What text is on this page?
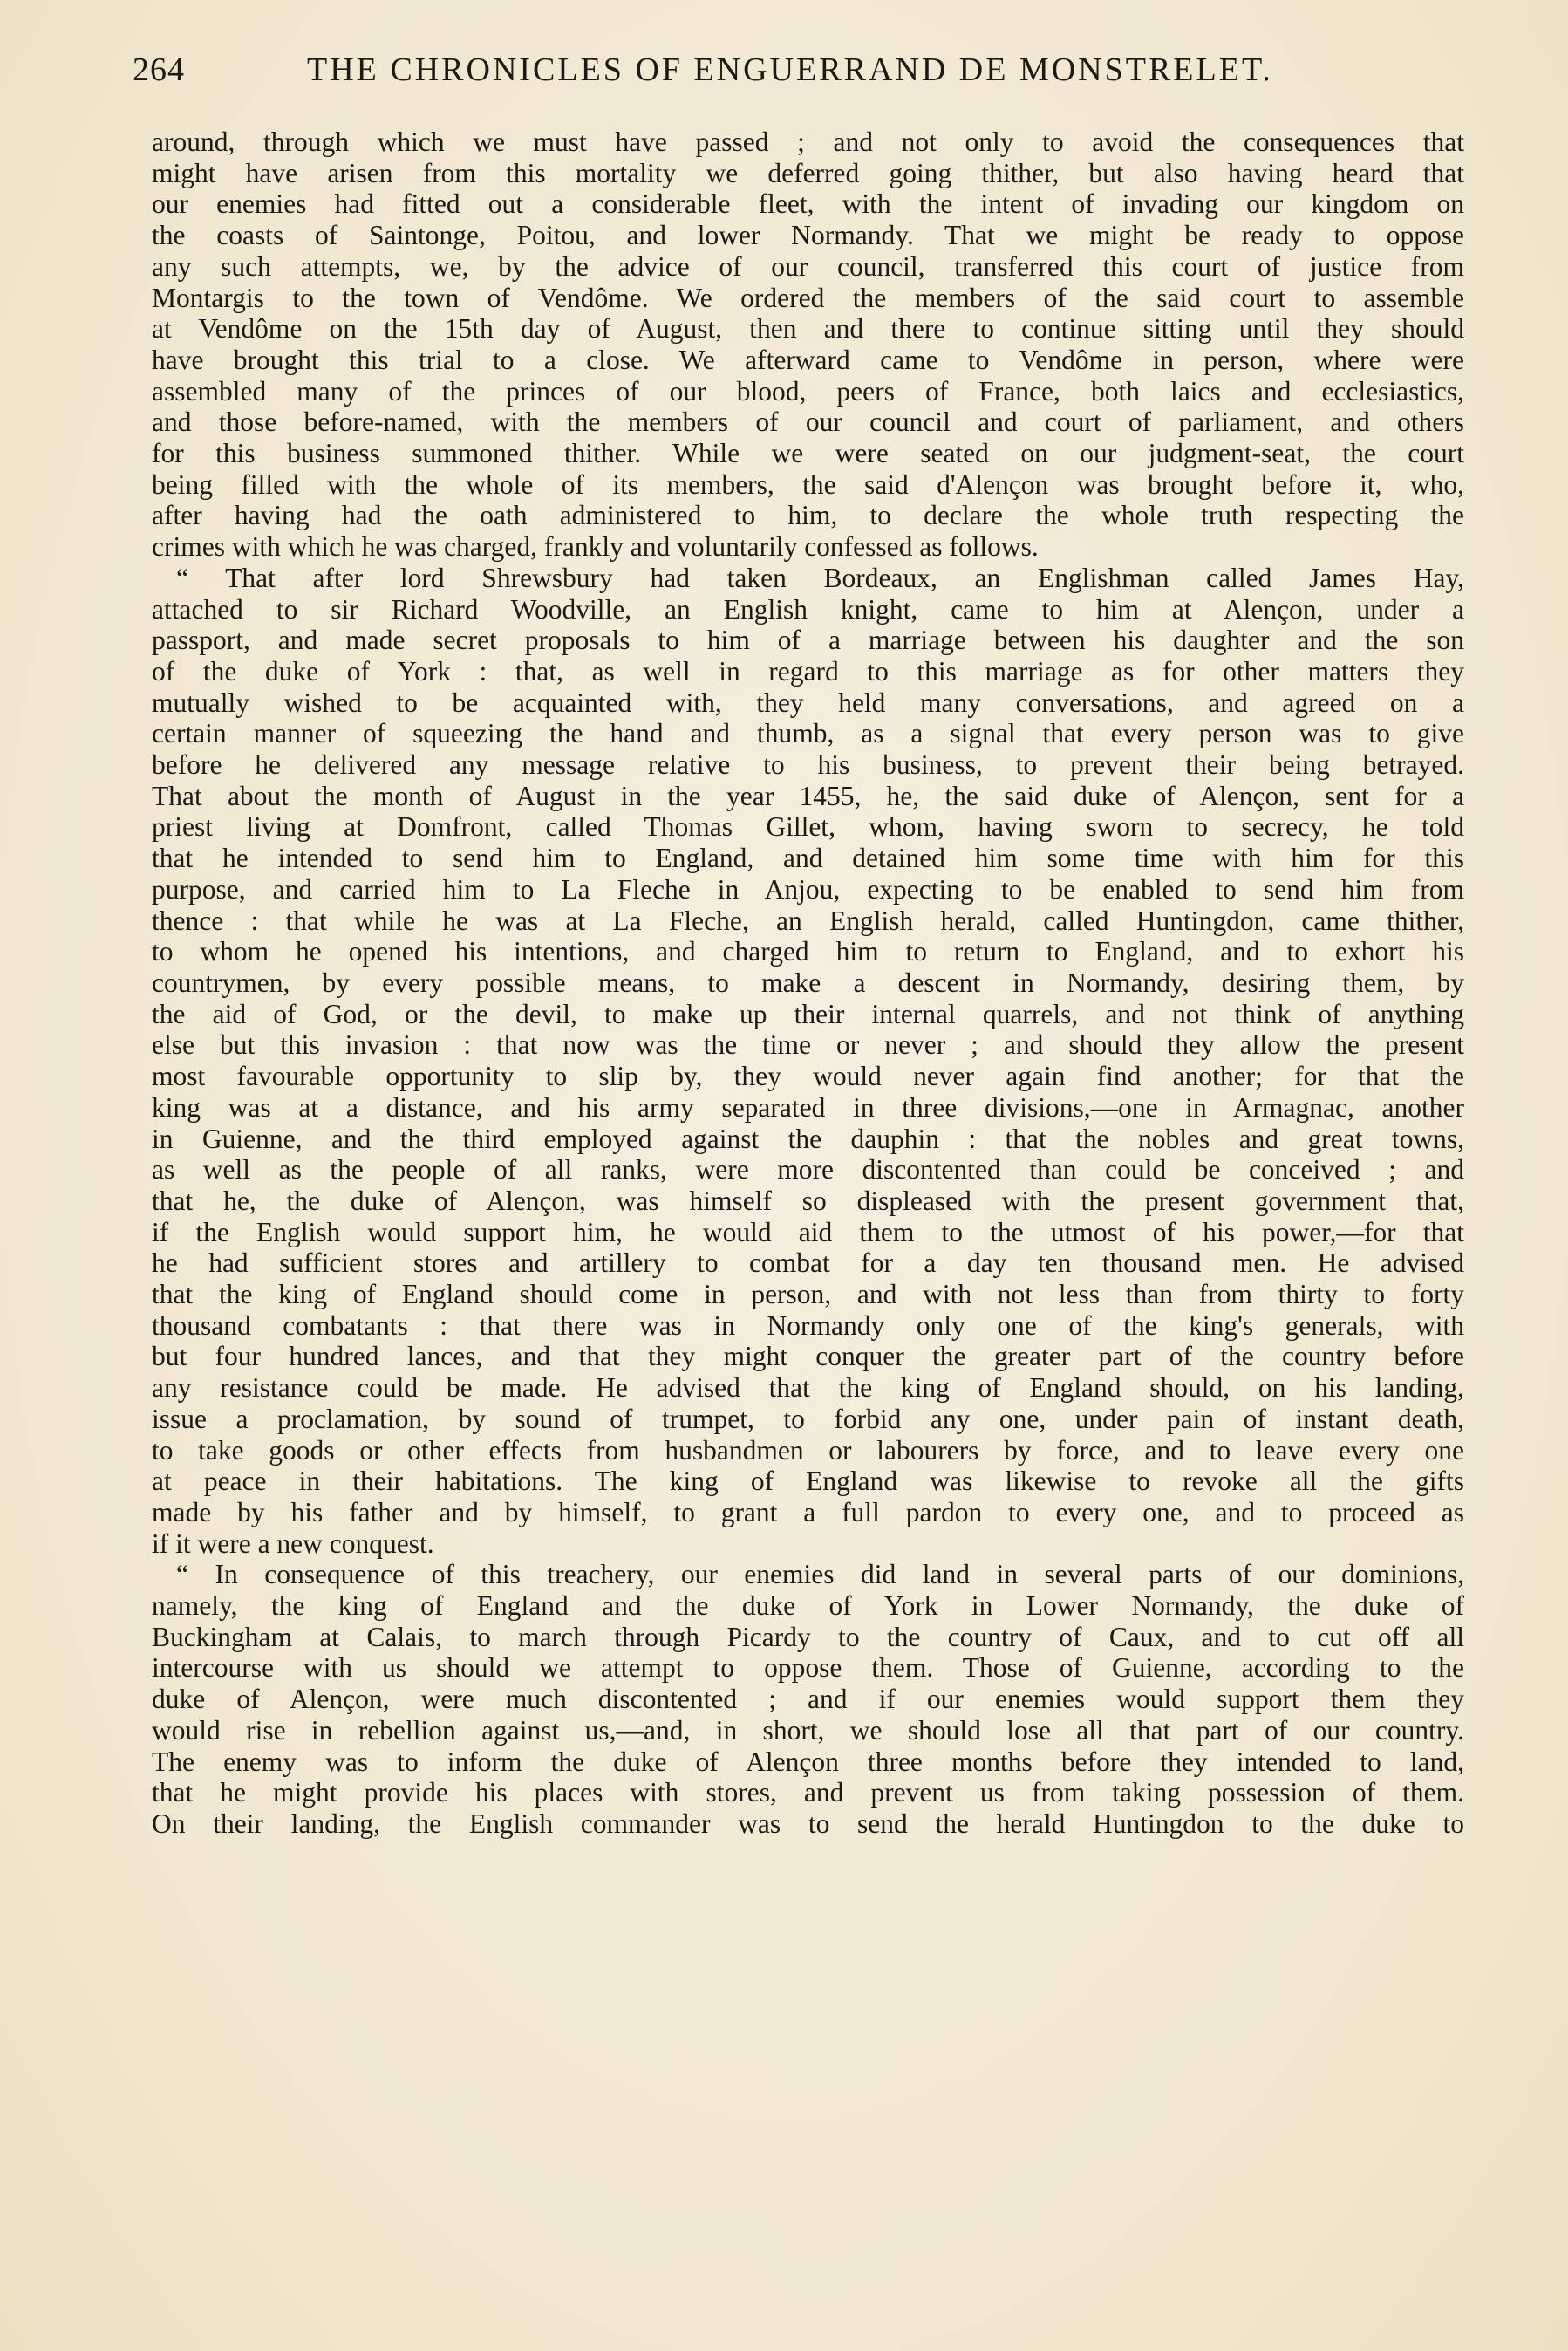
264	THE CHRONICLES OF ENGUERRAND DE MONSTRELET.
around, through which we must have passed ; and not only to avoid the consequences that
might have arisen from this mortality we deferred going thither, but also having heard that
our enemies had fitted out a considerable fleet, with the intent of invading our kingdom on
the coasts of Saintonge, Poitou, and lower Normandy. That we might be ready to oppose
any such attempts, we, by the advice of our council, transferred this court of justice from
Montargis to the town of Vendôme. We ordered the members of the said court to assemble
at Vendôme on the 15th day of August, then and there to continue sitting until they should
have brought this trial to a close. We afterward came to Vendôme in person, where were
assembled many of the princes of our blood, peers of France, both laics and ecclesiastics,
and those before-named, with the members of our council and court of parliament, and others
for this business summoned thither. While we were seated on our judgment-seat, the court
being filled with the whole of its members, the said d'Alençon was brought before it, who,
after having had the oath administered to him, to declare the whole truth respecting the
crimes with which he was charged, frankly and voluntarily confessed as follows.
“ That after lord Shrewsbury had taken Bordeaux, an Englishman called James Hay,
attached to sir Richard Woodville, an English knight, came to him at Alençon, under a
passport, and made secret proposals to him of a marriage between his daughter and the son
of the duke of York : that, as well in regard to this marriage as for other matters they
mutually wished to be acquainted with, they held many conversations, and agreed on a
certain manner of squeezing the hand and thumb, as a signal that every person was to give
before he delivered any message relative to his business, to prevent their being betrayed.
That about the month of August in the year 1455, he, the said duke of Alençon, sent for a
priest living at Domfront, called Thomas Gillet, whom, having sworn to secrecy, he told
that he intended to send him to England, and detained him some time with him for this
purpose, and carried him to La Fleche in Anjou, expecting to be enabled to send him from
thence : that while he was at La Fleche, an English herald, called Huntingdon, came thither,
to whom he opened his intentions, and charged him to return to England, and to exhort his
countrymen, by every possible means, to make a descent in Normandy, desiring them, by
the aid of God, or the devil, to make up their internal quarrels, and not think of anything
else but this invasion : that now was the time or never ; and should they allow the present
most favourable opportunity to slip by, they would never again find another; for that the
king was at a distance, and his army separated in three divisions,—one in Armagnac, another
in Guienne, and the third employed against the dauphin : that the nobles and great towns,
as well as the people of all ranks, were more discontented than could be conceived ; and
that he, the duke of Alençon, was himself so displeased with the present government that,
if the English would support him, he would aid them to the utmost of his power,—for that
he had sufficient stores and artillery to combat for a day ten thousand men. He advised
that the king of England should come in person, and with not less than from thirty to forty
thousand combatants : that there was in Normandy only one of the king's generals, with
but four hundred lances, and that they might conquer the greater part of the country before
any resistance could be made. He advised that the king of England should, on his landing,
issue a proclamation, by sound of trumpet, to forbid any one, under pain of instant death,
to take goods or other effects from husbandmen or labourers by force, and to leave every one
at peace in their habitations. The king of England was likewise to revoke all the gifts
made by his father and by himself, to grant a full pardon to every one, and to proceed as
if it were a new conquest.
“ In consequence of this treachery, our enemies did land in several parts of our dominions,
namely, the king of England and the duke of York in Lower Normandy, the duke of
Buckingham at Calais, to march through Picardy to the country of Caux, and to cut off all
intercourse with us should we attempt to oppose them. Those of Guienne, according to the
duke of Alençon, were much discontented ; and if our enemies would support them they
would rise in rebellion against us,—and, in short, we should lose all that part of our country.
The enemy was to inform the duke of Alençon three months before they intended to land,
that he might provide his places with stores, and prevent us from taking possession of them.
On their landing, the English commander was to send the herald Huntingdon to the duke to
